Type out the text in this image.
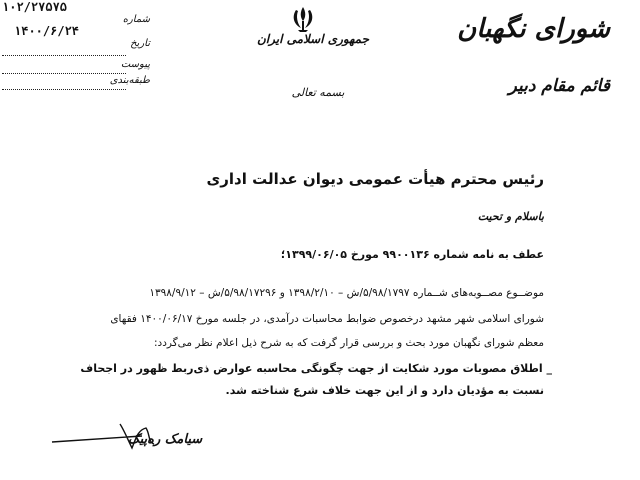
۱۰۲/۲۷۵۷۵
شماره
۱۴۰۰/۶/۲۴
تاریخ
پیوست
طبقه‌بندی
جمهوری اسلامی ایران
بسمه تعالی
شورای نگهبان
قائم مقام دبیر
رئیس محترم هیأت عمومی دیوان عدالت اداری
باسلام و تحیت
عطف به نامه شماره ۹۹۰۰۱۳۶ مورخ ۱۳۹۹/۰۶/۰۵؛
موضــوع مصــوبه‌های شــماره ۵/۹۸/۱۷۹۷/ش – ۱۳۹۸/۲/۱۰ و ۵/۹۸/۱۷۲۹۶/ش – ۱۳۹۸/۹/۱۲
شورای اسلامی شهر مشهد درخصوص ضوابط محاسبات درآمدی، در جلسه مورخ ۱۴۰۰/۰۶/۱۷ فقهای
معظم شورای نگهبان مورد بحث و بررسی قرار گرفت که به شرح ذیل اعلام نظر می‌گردد:
_ اطلاق مصوبات مورد شکایت از جهت چگونگی محاسبه عوارض ذی‌ربط ظهور در اجحاف
نسبت به مؤدیان دارد و از این جهت خلاف شرع شناخته شد.
سیامک ره‌پیک
